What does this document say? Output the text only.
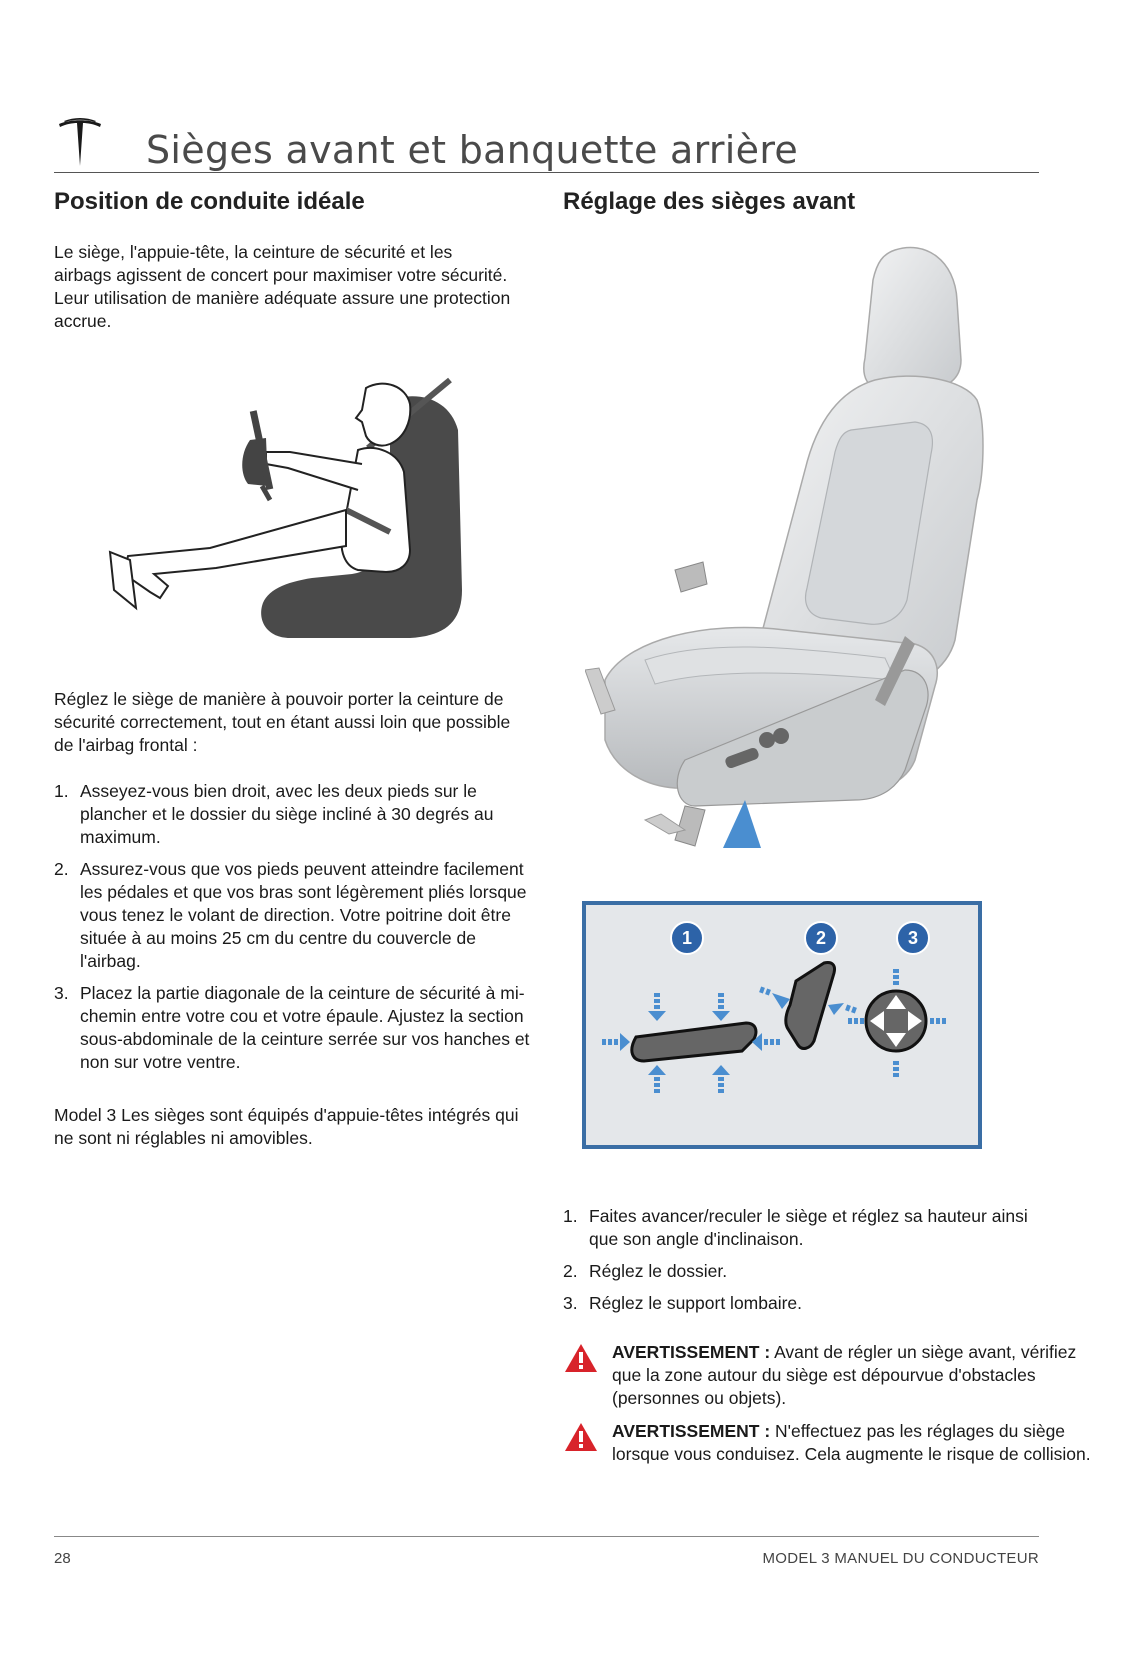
Sièges avant et banquette arrière
Position de conduite idéale
Le siège, l'appuie-tête, la ceinture de sécurité et les airbags agissent de concert pour maximiser votre sécurité. Leur utilisation de manière adéquate assure une protection accrue.
Réglez le siège de manière à pouvoir porter la ceinture de sécurité correctement, tout en étant aussi loin que possible de l'airbag frontal :
1. Asseyez-vous bien droit, avec les deux pieds sur le plancher et le dossier du siège incliné à 30 degrés au maximum.
2. Assurez-vous que vos pieds peuvent atteindre facilement les pédales et que vos bras sont légèrement pliés lorsque vous tenez le volant de direction. Votre poitrine doit être située à au moins 25 cm du centre du couvercle de l'airbag.
3. Placez la partie diagonale de la ceinture de sécurité à mi-chemin entre votre cou et votre épaule. Ajustez la section sous-abdominale de la ceinture serrée sur vos hanches et non sur votre ventre.
Model 3 Les sièges sont équipés d'appuie-têtes intégrés qui ne sont ni réglables ni amovibles.
Réglage des sièges avant
1	2	3
1. Faites avancer/reculer le siège et réglez sa hauteur ainsi que son angle d'inclinaison.
2. Réglez le dossier.
3. Réglez le support lombaire.
AVERTISSEMENT : Avant de régler un siège avant, vérifiez que la zone autour du siège est dépourvue d'obstacles (personnes ou objets).
AVERTISSEMENT : N'effectuez pas les réglages du siège lorsque vous conduisez. Cela augmente le risque de collision.
28	MODEL 3 MANUEL DU CONDUCTEUR
